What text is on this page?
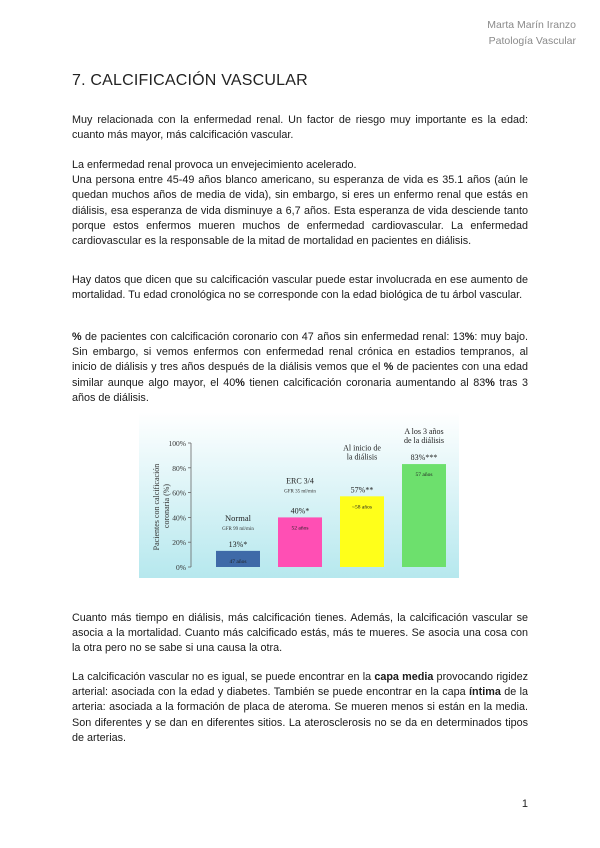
Marta Marín Iranzo
Patología Vascular
7. CALCIFICACIÓN VASCULAR

Muy relacionada con la enfermedad renal. Un factor de riesgo muy importante es la edad: cuanto más mayor, más calcificación vascular.

La enfermedad renal provoca un envejecimiento acelerado.
Una persona entre 45-49 años blanco americano, su esperanza de vida es 35.1 años (aún le quedan muchos años de media de vida), sin embargo, si eres un enfermo renal que estás en diálisis, esa esperanza de vida disminuye a 6,7 años. Esta esperanza de vida desciende tanto porque estos enfermos mueren muchos de enfermedad cardiovascular. La enfermedad cardiovascular es la responsable de la mitad de mortalidad en pacientes en diálisis.

Hay datos que dicen que su calcificación vascular puede estar involucrada en ese aumento de mortalidad. Tu edad cronológica no se corresponde con la edad biológica de tu árbol vascular.

% de pacientes con calcificación coronario con 47 años sin enfermedad renal: 13%: muy bajo. Sin embargo, si vemos enfermos con enfermedad renal crónica en estadios tempranos, al inicio de diálisis y tres años después de la diálisis vemos que el % de pacientes con una edad similar aunque algo mayor, el 40% tienen calcificación coronaria aumentando al 83% tras 3 años de diálisis.

Pacientes con calcificación coronaria (%)
0%
20%
40%
60%
80%
100%
13%*
47 años
Normal
GFR 99 ml/min
40%*
52 años
ERC 3/4
GFR 35 ml/min	57%**
~58 años
Al inicio de
la diálisis	83%***
57 años
A los 3 años
de la diálisis

Cuanto más tiempo en diálisis, más calcificación tienes. Además, la calcificación vascular se asocia a la mortalidad. Cuanto más calcificado estás, más te mueres. Se asocia una cosa con la otra pero no se sabe si una causa la otra.

La calcificación vascular no es igual, se puede encontrar en la capa media provocando rigidez arterial: asociada con la edad y diabetes. También se puede encontrar en la capa íntima de la arteria: asociada a la formación de placa de ateroma. Se mueren menos si están en la media. Son diferentes y se dan en diferentes sitios. La aterosclerosis no se da en determinados tipos de arterias.

1
